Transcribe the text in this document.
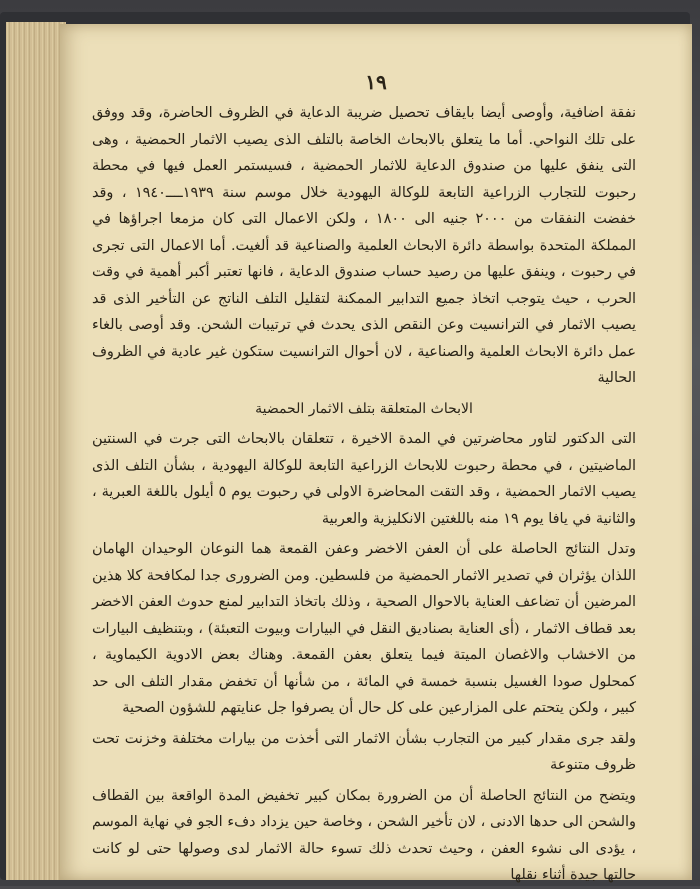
١٩

نفقة اضافية، وأوصى أيضا بايقاف تحصيل ضريبة الدعاية في الظروف الحاضرة، وقد ووفق على تلك النواحي. أما ما يتعلق بالابحاث الخاصة بالتلف الذى يصيب الاثمار الحمضية ، وهى التى ينفق عليها من صندوق الدعاية للاثمار الحمضية ، فسيستمر العمل فيها في محطة رحبوت للتجارب الزراعية التابعة للوكالة اليهودية خلال موسم سنة ١٩٣٩ــــ١٩٤٠ ، وقد خفضت النفقات من ٢٠٠٠ جنيه الى ١٨٠٠ ، ولكن الاعمال التى كان مزمعا اجراؤها في المملكة المتحدة بواسطة دائرة الابحاث العلمية والصناعية قد ألغيت. أما الاعمال التى تجرى في رحبوت ، وينفق عليها من رصيد حساب صندوق الدعاية ، فانها تعتبر أكبر أهمية في وقت الحرب ، حيث يتوجب اتخاذ جميع التدابير الممكنة لتقليل التلف الناتج عن التأخير الذى قد يصيب الاثمار في الترانسيت وعن النقص الذى يحدث في ترتيبات الشحن. وقد أوصى بالغاء عمل دائرة الابحاث العلمية والصناعية ، لان أحوال الترانسيت ستكون غير عادية في الظروف الحالية

الابحاث المتعلقة بتلف الاثمار الحمضية

التى الدكتور لتاور محاضرتين في المدة الاخيرة ، تتعلقان بالابحاث التى جرت في السنتين الماضيتين ، في محطة رحبوت للابحاث الزراعية التابعة للوكالة اليهودية ، بشأن التلف الذى يصيب الاثمار الحمضية ، وقد التقت المحاضرة الاولى في رحبوت يوم ٥ أيلول باللغة العبرية ، والثانية في يافا يوم ١٩ منه باللغتين الانكليزية والعربية

وتدل النتائج الحاصلة على أن العفن الاخضر وعفن القمعة هما النوعان الوحيدان الهامان اللذان يؤثران في تصدير الاثمار الحمضية من فلسطين. ومن الضرورى جدا لمكافحة كلا هذين المرضين أن تضاعف العناية بالاحوال الصحية ، وذلك باتخاذ التدابير لمنع حدوث العفن الاخضر بعد قطاف الاثمار ، (أى العناية بصناديق النقل في البيارات وبيوت التعبئة) ، وبتنظيف البيارات من الاخشاب والاغصان الميتة فيما يتعلق بعفن القمعة. وهناك بعض الادوية الكيماوية ، كمحلول صودا الغسيل بنسبة خمسة في المائة ، من شأنها أن تخفض مقدار التلف الى حد كبير ، ولكن يتحتم على المزارعين على كل حال أن يصرفوا جل عنايتهم للشؤون الصحية

ولقد جرى مقدار كبير من التجارب بشأن الاثمار التى أخذت من بيارات مختلفة وخزنت تحت ظروف متنوعة

ويتضح من النتائج الحاصلة أن من الضرورة بمكان كبير تخفيض المدة الواقعة بين القطاف والشحن الى حدها الادنى ، لان تأخير الشحن ، وخاصة حين يزداد دفء الجو في نهاية الموسم ، يؤدى الى نشوء العفن ، وحيث تحدث ذلك تسوء حالة الاثمار لدى وصولها حتى لو كانت حالتها جيدة أثناء نقلها
